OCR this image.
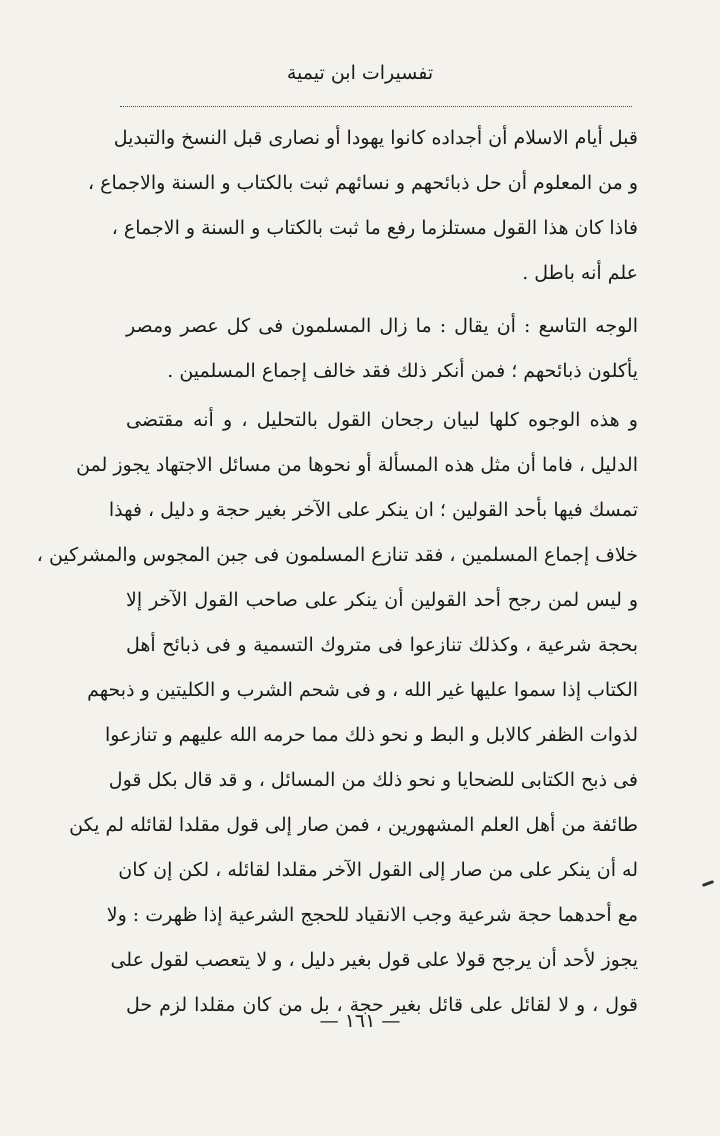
تفسيرات ابن تيمية
قبل أيام الاسلام أن أجداده كانوا يهودا أو نصارى قبل النسخ والتبديل
و من المعلوم أن حل ذبائحهم و نسائهم ثبت بالكتاب و السنة والاجماع ،
فاذا كان هذا القول مستلزما رفع ما ثبت بالكتاب و السنة و الاجماع ،
علم أنه باطل .
الوجه التاسع : أن يقال : ما زال المسلمون فى كل عصر ومصر
يأكلون ذبائحهم ؛ فمن أنكر ذلك فقد خالف إجماع المسلمين .
و هذه الوجوه كلها لبيان رجحان القول بالتحليل ، و أنه مقتضى
الدليل ، فاما أن مثل هذه المسألة أو نحوها من مسائل الاجتهاد يجوز لمن
تمسك فيها بأحد القولين ؛ ان ينكر على الآخر بغير حجة و دليل ، فهذا
خلاف إجماع المسلمين ، فقد تنازع المسلمون فى جبن المجوس والمشركين ،
و ليس لمن رجح أحد القولين أن ينكر على صاحب القول الآخر إلا
بحجة شرعية ، وكذلك تنازعوا فى متروك التسمية و فى ذبائح أهل
الكتاب إذا سموا عليها غير الله ، و فى شحم الشرب و الكليتين و ذبحهم
لذوات الظفر كالابل و البط و نحو ذلك مما حرمه الله عليهم و تنازعوا
فى ذبح الكتابى للضحايا و نحو ذلك من المسائل ، و قد قال بكل قول
طائفة من أهل العلم المشهورين ، فمن صار إلى قول مقلدا لقائله لم يكن
له أن ينكر على من صار إلى القول الآخر مقلدا لقائله ، لكن إن كان
مع أحدهما حجة شرعية وجب الانقياد للحجج الشرعية إذا ظهرت : ولا
يجوز لأحد أن يرجح قولا على قول بغير دليل ، و لا يتعصب لقول على
قول ، و لا لقائل على قائل بغير حجة ، بل من كان مقلدا لزم حل
— ١٦١ —
